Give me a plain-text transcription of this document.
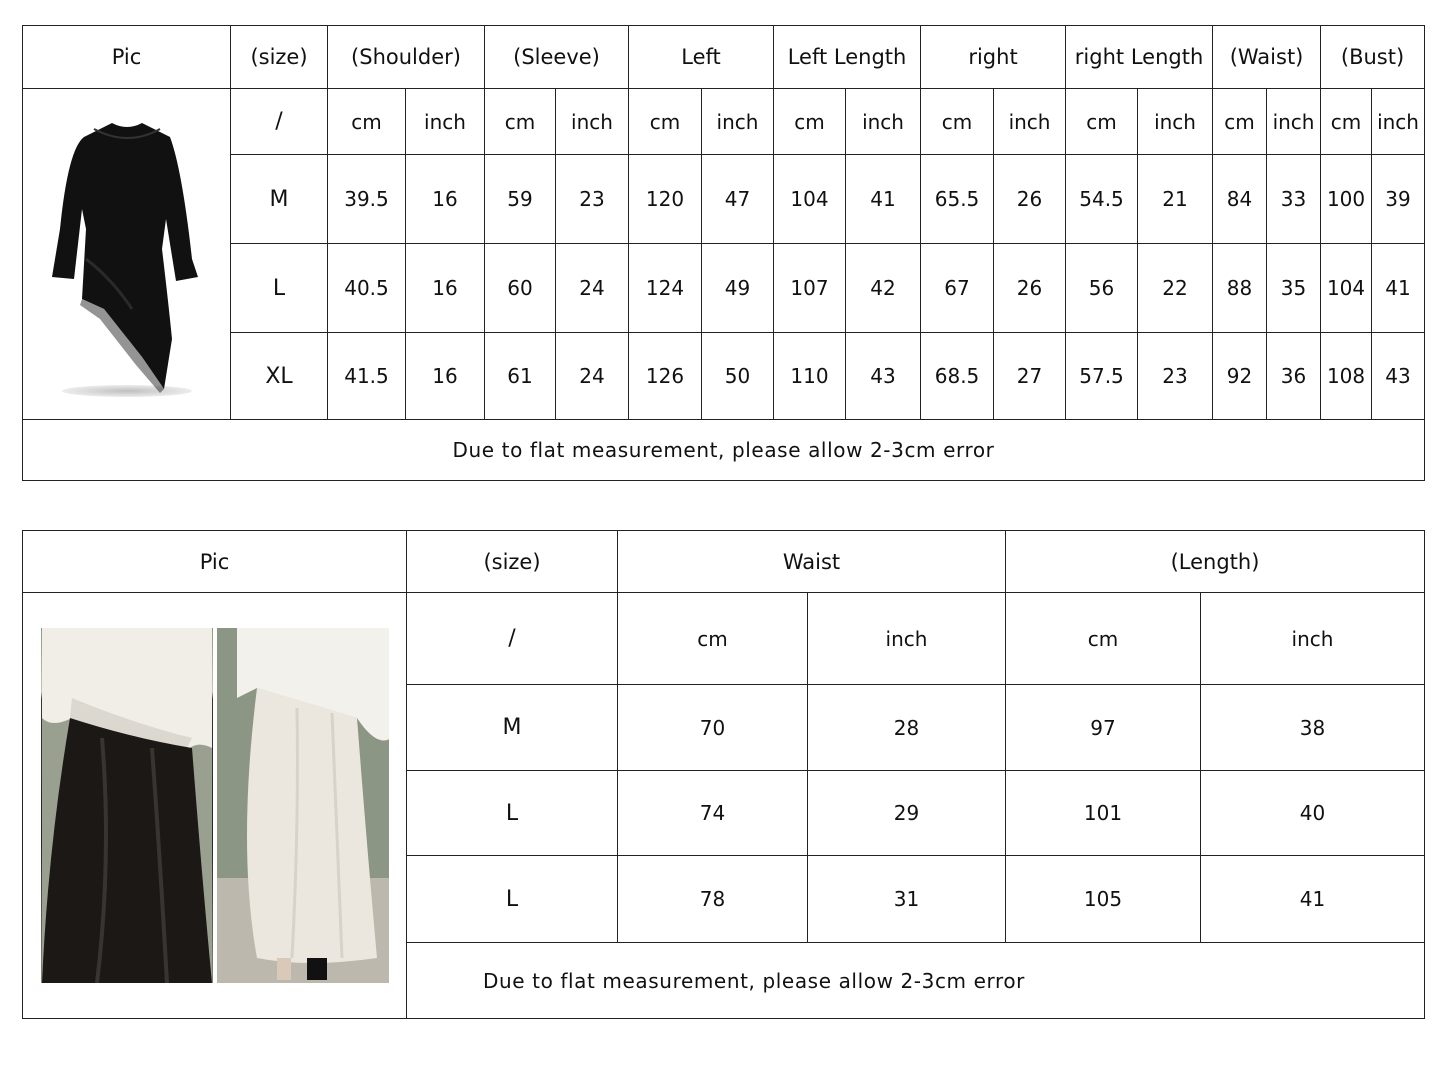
Pic	(size)	(Shoulder)		(Sleeve)		Left		Left Length		right		right Length		(Waist)		(Bust)	

	/	cm	inch	cm	inch	cm	inch	cm	inch	cm	inch	cm	inch	cm	inch	cm	inch
	M	39.5	16	59	23	120	47	104	41	65.5	26	54.5	21	84	33	100	39
	L	40.5	16	60	24	124	49	107	42	67	26	56	22	88	35	104	41
	XL	41.5	16	61	24	126	50	110	43	68.5	27	57.5	23	92	36	108	43
Due to flat measurement, please allow 2-3cm error																	
Pic	(size)	Waist		(Length)	

	/	cm	inch	cm	inch
	M	70	28	97	38
	L	74	29	101	40
	L	78	31	105	41
	Due to flat measurement, please allow 2-3cm error				
